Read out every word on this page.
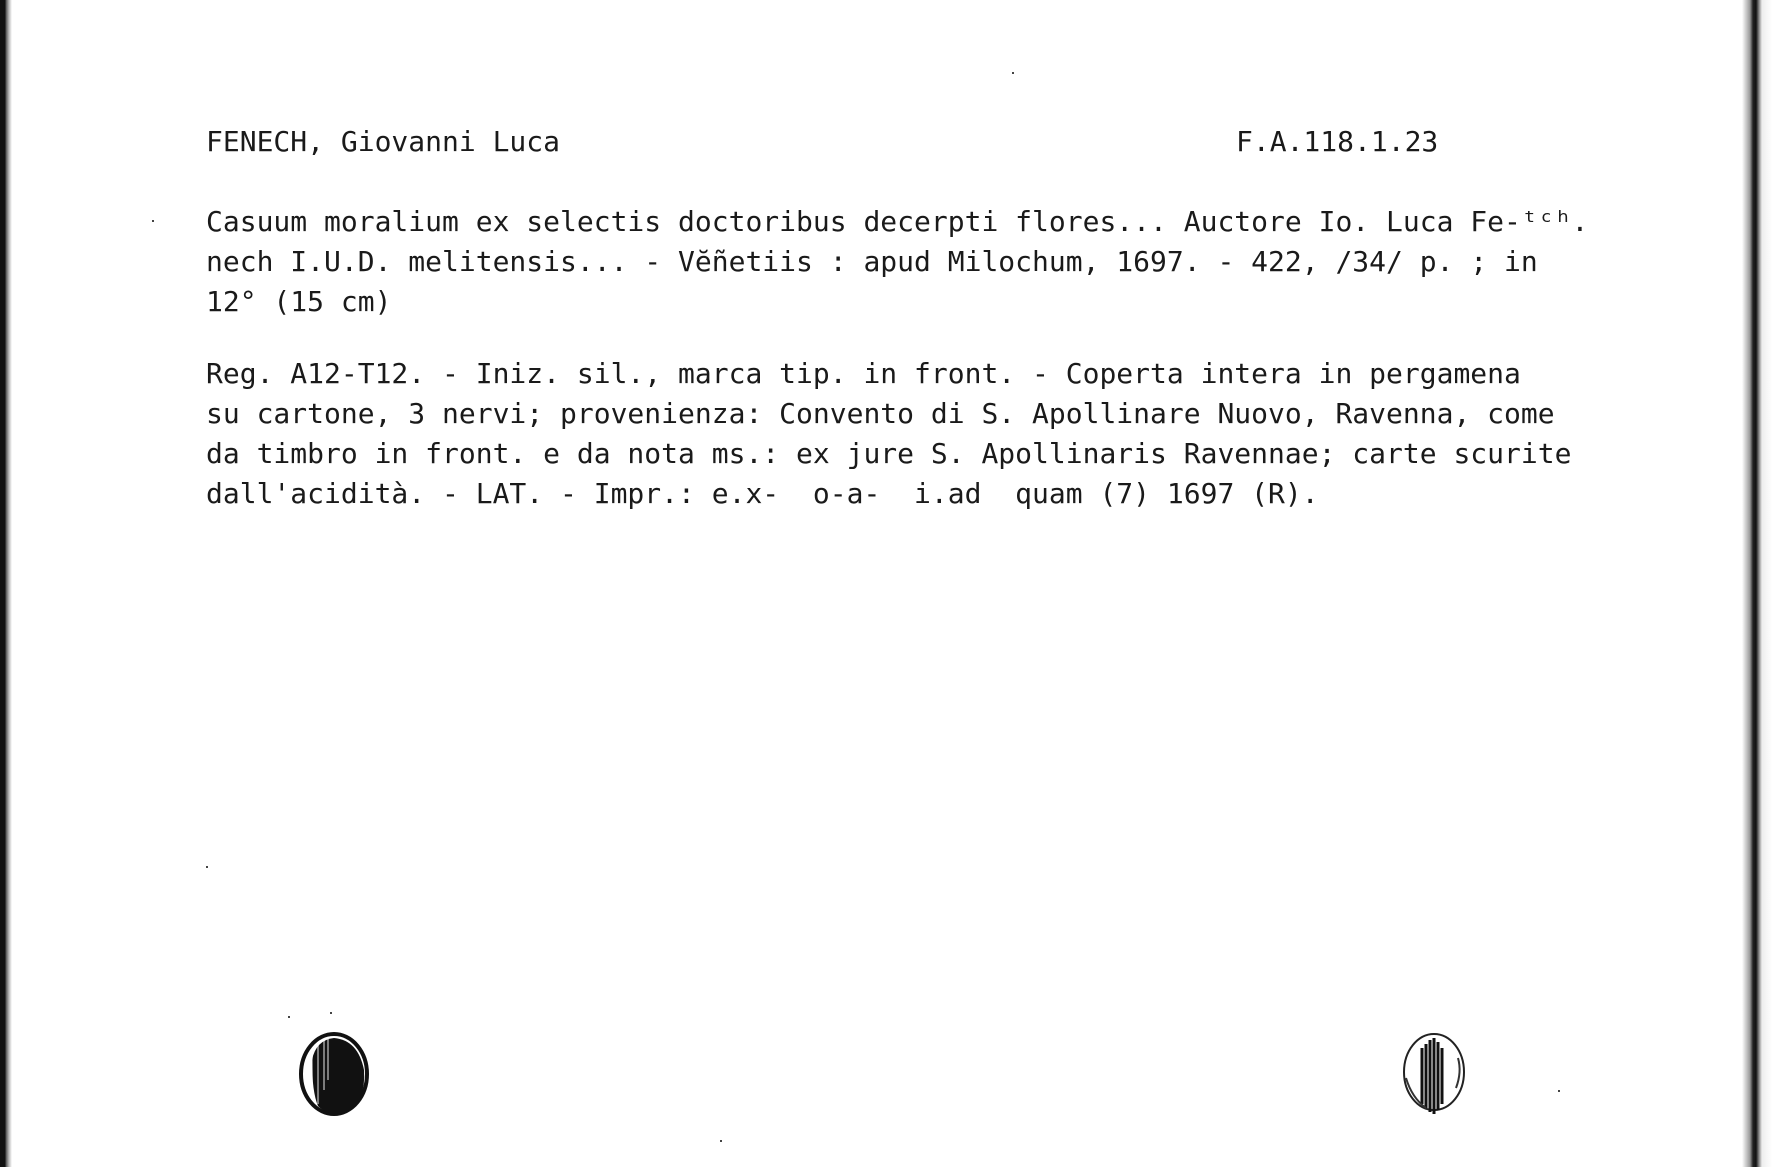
FENECH, Giovanni Luca	F.A.118.1.23
Casuum moralium ex selectis doctoribus decerpti flores... Auctore Io. Luca Fe-ᵗᶜʰ.
nech I.U.D. melitensis... - Vĕñetiis : apud Milochum, 1697. - 422, /34/ p. ; in
12° (15 cm)
Reg. A12-T12. - Iniz. sil., marca tip. in front. - Coperta intera in pergamena
su cartone, 3 nervi; provenienza: Convento di S. Apollinare Nuovo, Ravenna, come
da timbro in front. e da nota ms.: ex jure S. Apollinaris Ravennae; carte scurite
dall'acidità. - LAT. - Impr.: e.x-  o-a-  i.ad  quam (7) 1697 (R).
